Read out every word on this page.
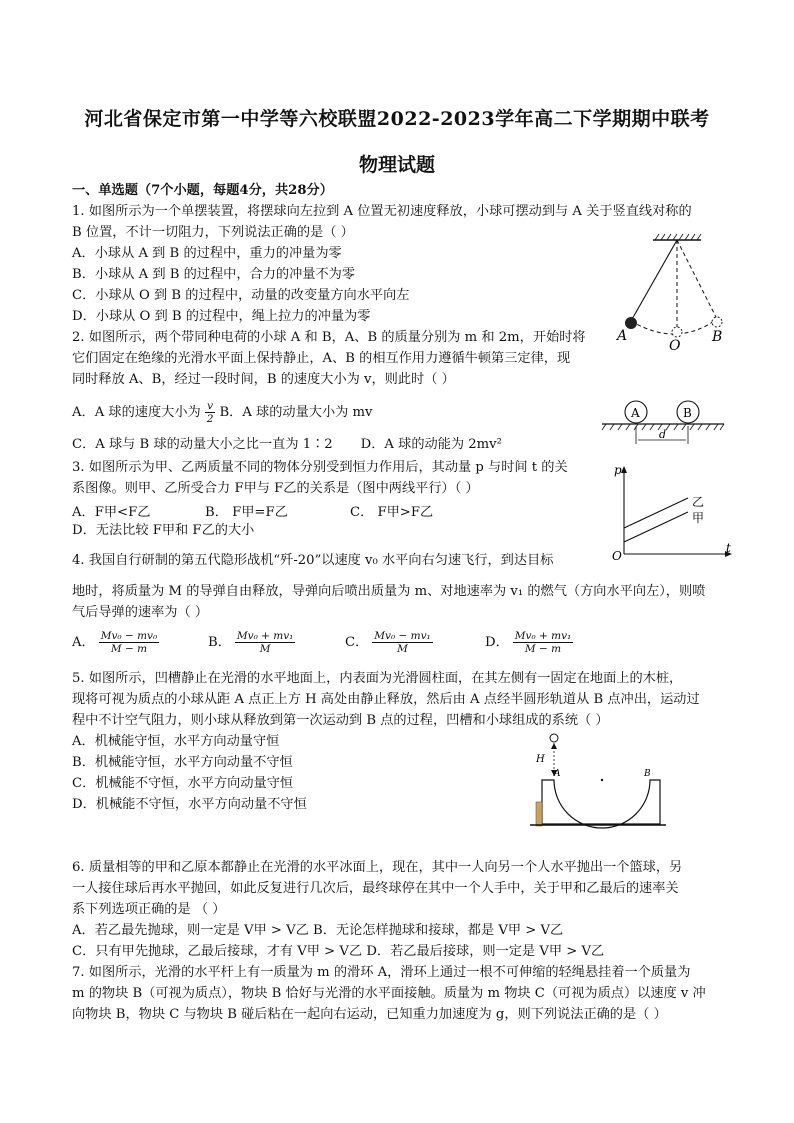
河北省保定市第一中学等六校联盟2022-2023学年高二下学期期中联考
物理试题
一、单选题（7个小题，每题4分，共28分）
1. 如图所示为一个单摆装置，将摆球向左拉到 A 位置无初速度释放，小球可摆动到与 A 关于竖直线对称的
B 位置，不计一切阻力，下列说法正确的是（ ）
A．小球从 A 到 B 的过程中，重力的冲量为零
B．小球从 A 到 B 的过程中，合力的冲量不为零
C．小球从 O 到 B 的过程中，动量的改变量方向水平向左
D．小球从 O 到 B 的过程中，绳上拉力的冲量为零
A
O
B
2. 如图所示，两个带同种电荷的小球 A 和 B，A、B 的质量分别为 m 和 2m，开始时将
它们固定在绝缘的光滑水平面上保持静止，A、B 的相互作用力遵循牛顿第三定律，现
同时释放 A、B，经过一段时间，B 的速度大小为 v，则此时（ ）
A．A 球的速度大小为 $\frac{v}{2}$ B．A 球的动量大小为 mv
C．A 球与 B 球的动量大小之比一直为 1∶2 D．A 球的动能为 2mv²
A	B
d
3. 如图所示为甲、乙两质量不同的物体分别受到恒力作用后，其动量 p 与时间 t 的关
系图像。则甲、乙所受合力 F甲与 F乙的关系是（图中两线平行）（ ）
A．F甲<F乙	B． F甲=F乙	C． F甲>F乙
D．无法比较 F甲和 F乙的大小
p
t
O
乙
甲
4. 我国自行研制的第五代隐形战机“歼-20”以速度 v₀ 水平向右匀速飞行，到达目标
地时，将质量为 M 的导弹自由释放，导弹向后喷出质量为 m、对地速率为 v₁ 的燃气（方向水平向左），则喷
气后导弹的速率为（ ）
A． $\frac{\text{Mv₀ − mv₀}}{M - m}$	B． $\frac{\text{Mv₀ + mv₁}}{M}$	C． $\frac{\text{Mv₀ − mv₁}}{M}$	D． $\frac{\text{Mv₀ + mv₁}}{M - m}$
5. 如图所示，凹槽静止在光滑的水平地面上，内表面为光滑圆柱面，在其左侧有一固定在地面上的木桩，
现将可视为质点的小球从距 A 点正上方 H 高处由静止释放，然后由 A 点经半圆形轨道从 B 点冲出，运动过
程中不计空气阻力，则小球从释放到第一次运动到 B 点的过程，凹槽和小球组成的系统（ ）
A．机械能守恒，水平方向动量守恒
B．机械能守恒，水平方向动量不守恒
C．机械能不守恒，水平方向动量守恒
D．机械能不守恒，水平方向动量不守恒
H
A	B
6. 质量相等的甲和乙原本都静止在光滑的水平冰面上，现在，其中一人向另一个人水平抛出一个篮球，另
一人接住球后再水平抛回，如此反复进行几次后，最终球停在其中一个人手中，关于甲和乙最后的速率关
系下列选项正确的是 （ ）
A．若乙最先抛球，则一定是 V甲 > V乙 B．无论怎样抛球和接球，都是 V甲 > V乙
C．只有甲先抛球，乙最后接球，才有 V甲 > V乙 D．若乙最后接球，则一定是 V甲 > V乙
7. 如图所示，光滑的水平杆上有一质量为 m 的滑环 A，滑环上通过一根不可伸缩的轻绳悬挂着一个质量为
m 的物块 B（可视为质点），物块 B 恰好与光滑的水平面接触。质量为 m 物块 C（可视为质点）以速度 v 冲
向物块 B，物块 C 与物块 B 碰后粘在一起向右运动，已知重力加速度为 g，则下列说法正确的是（ ）
